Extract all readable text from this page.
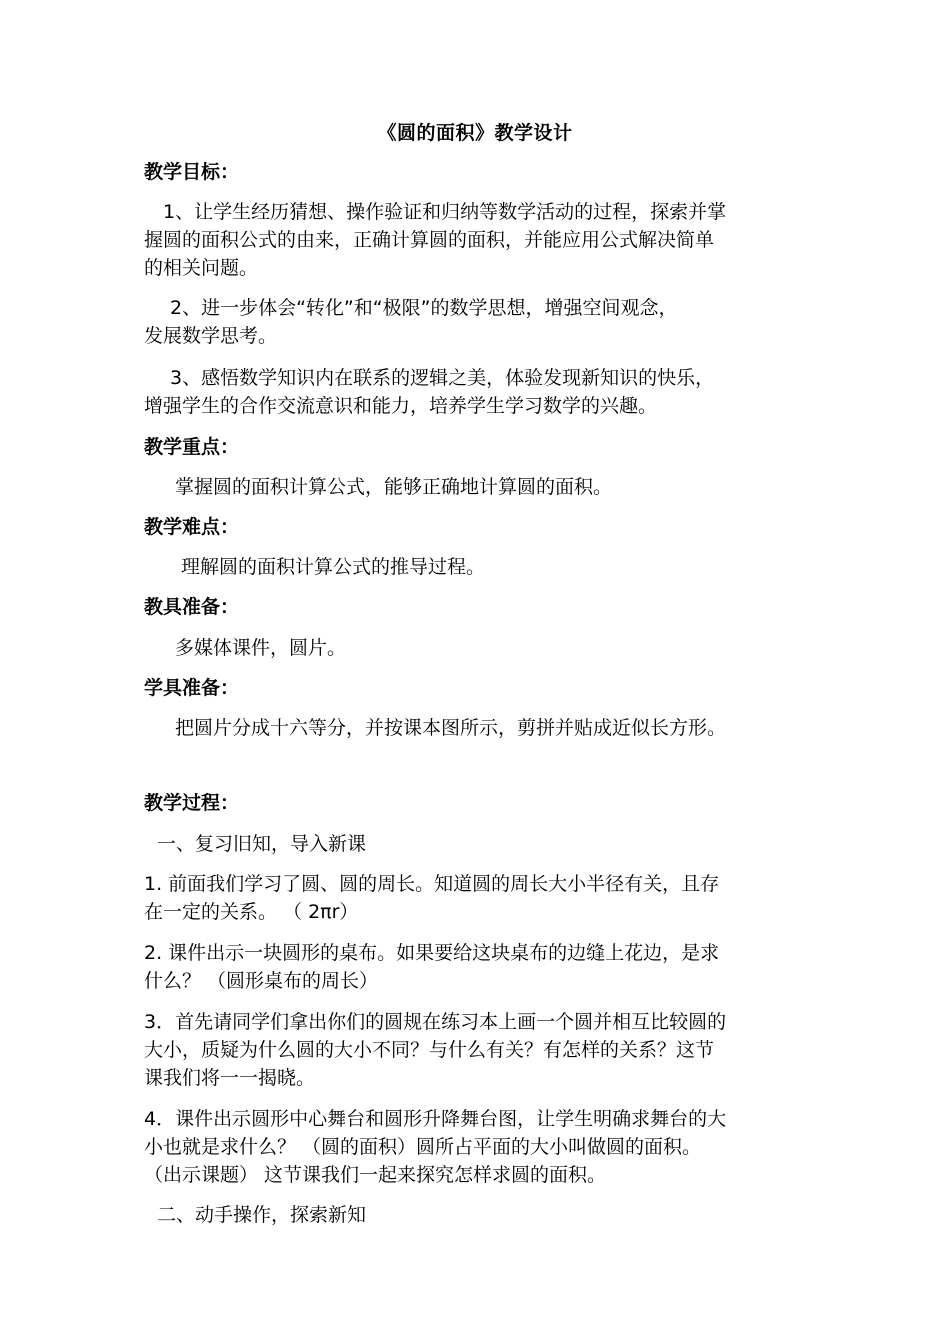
《圆的面积》教学设计
教学目标：
1、让学生经历猜想、操作验证和归纳等数学活动的过程，探索并掌
握圆的面积公式的由来，正确计算圆的面积，并能应用公式解决简单
的相关问题。
2、进一步体会“转化”和“极限”的数学思想，增强空间观念，
发展数学思考。
3、感悟数学知识内在联系的逻辑之美，体验发现新知识的快乐，
增强学生的合作交流意识和能力，培养学生学习数学的兴趣。
教学重点：
掌握圆的面积计算公式，能够正确地计算圆的面积。
教学难点：
理解圆的面积计算公式的推导过程。
教具准备：
多媒体课件，圆片。
学具准备：
把圆片分成十六等分，并按课本图所示，剪拼并贴成近似长方形。
教学过程：
一、复习旧知，导入新课
1. 前面我们学习了圆、圆的周长。知道圆的周长大小半径有关，且存
在一定的关系。 （ 2πr）
2. 课件出示一块圆形的桌布。如果要给这块桌布的边缝上花边，是求
什么？ （圆形桌布的周长）
3．首先请同学们拿出你们的圆规在练习本上画一个圆并相互比较圆的
大小，质疑为什么圆的大小不同？与什么有关？有怎样的关系？这节
课我们将一一揭晓。
4．课件出示圆形中心舞台和圆形升降舞台图，让学生明确求舞台的大
小也就是求什么？ （圆的面积）圆所占平面的大小叫做圆的面积。
（出示课题） 这节课我们一起来探究怎样求圆的面积。
二、动手操作，探索新知
